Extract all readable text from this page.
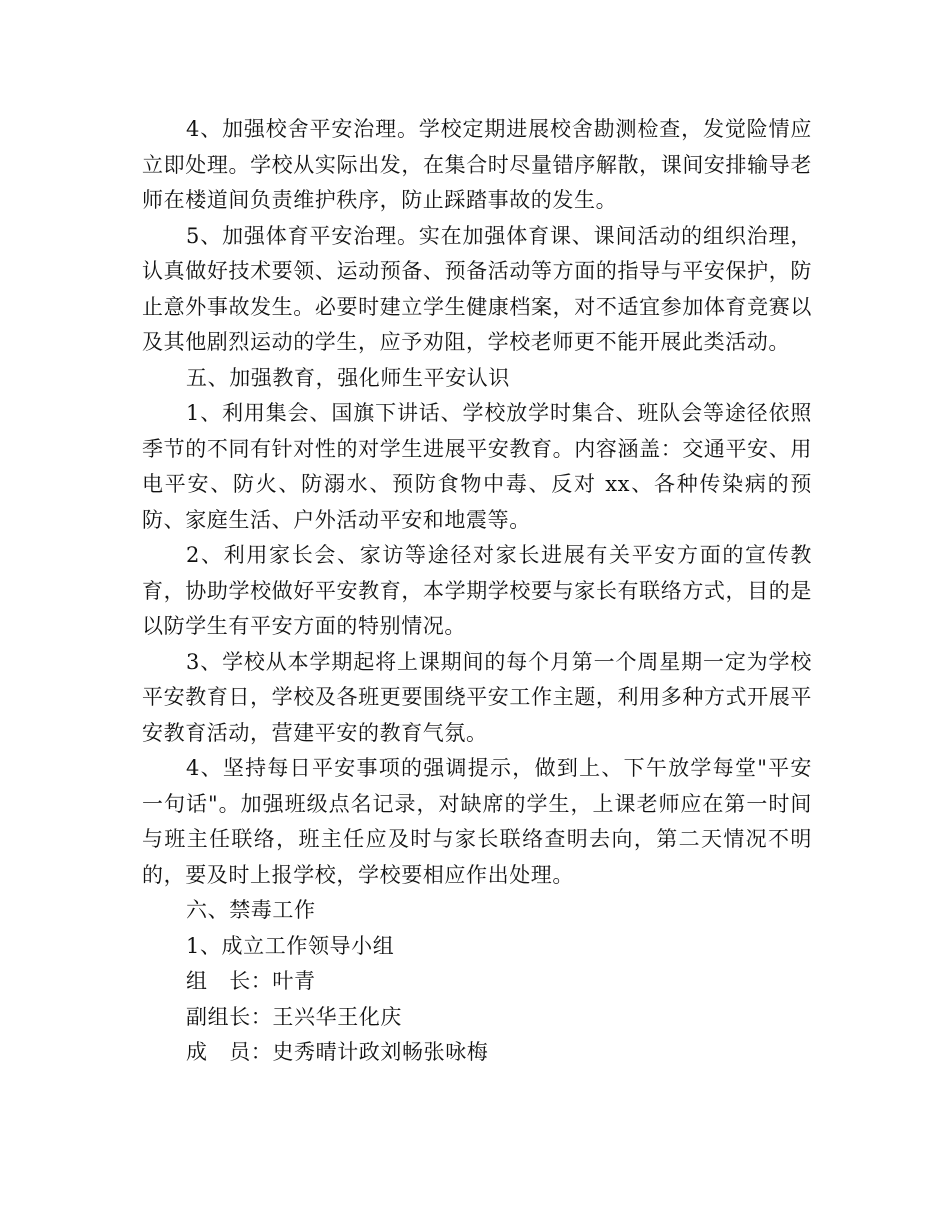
4、加强校舍平安治理。学校定期进展校舍勘测检查，发觉险情应立即处理。学校从实际出发，在集合时尽量错序解散，课间安排输导老师在楼道间负责维护秩序，防止踩踏事故的发生。

5、加强体育平安治理。实在加强体育课、课间活动的组织治理，认真做好技术要领、运动预备、预备活动等方面的指导与平安保护，防止意外事故发生。必要时建立学生健康档案，对不适宜参加体育竞赛以及其他剧烈运动的学生，应予劝阻，学校老师更不能开展此类活动。

五、加强教育，强化师生平安认识

1、利用集会、国旗下讲话、学校放学时集合、班队会等途径依照季节的不同有针对性的对学生进展平安教育。内容涵盖：交通平安、用电平安、防火、防溺水、预防食物中毒、反对 xx、各种传染病的预防、家庭生活、户外活动平安和地震等。

2、利用家长会、家访等途径对家长进展有关平安方面的宣传教育，协助学校做好平安教育，本学期学校要与家长有联络方式，目的是以防学生有平安方面的特别情况。

3、学校从本学期起将上课期间的每个月第一个周星期一定为学校平安教育日，学校及各班更要围绕平安工作主题，利用多种方式开展平安教育活动，营建平安的教育气氛。

4、坚持每日平安事项的强调提示，做到上、下午放学每堂"平安一句话"。加强班级点名记录，对缺席的学生，上课老师应在第一时间与班主任联络，班主任应及时与家长联络查明去向，第二天情况不明的，要及时上报学校，学校要相应作出处理。

六、禁毒工作

1、成立工作领导小组

组　长：叶青

副组长：王兴华王化庆

成　员：史秀晴计政刘畅张咏梅
